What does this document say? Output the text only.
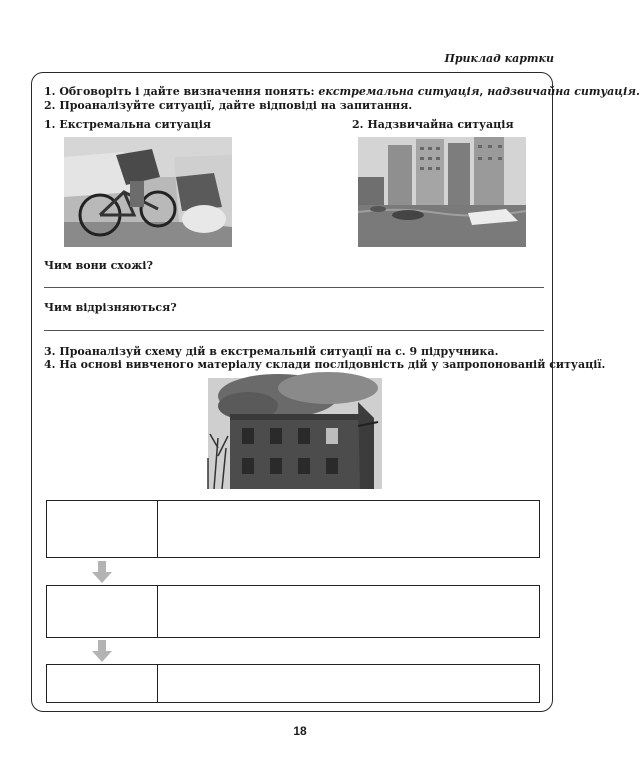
Приклад картки
1. Обговоріть і дайте визначення понять: екстремальна ситуація, надзвичайна ситуація.
2. Проаналізуйте ситуації, дайте відповіді на запитання.
1. Екстремальна ситуація	2. Надзвичайна ситуація
Чим вони схожі?
Чим відрізняються?
3. Проаналізуй схему дій в екстремальній ситуації на с. 9 підручника.
4. На основі вивченого матеріалу склади послідовність дій у запропонованій ситуації.
18
